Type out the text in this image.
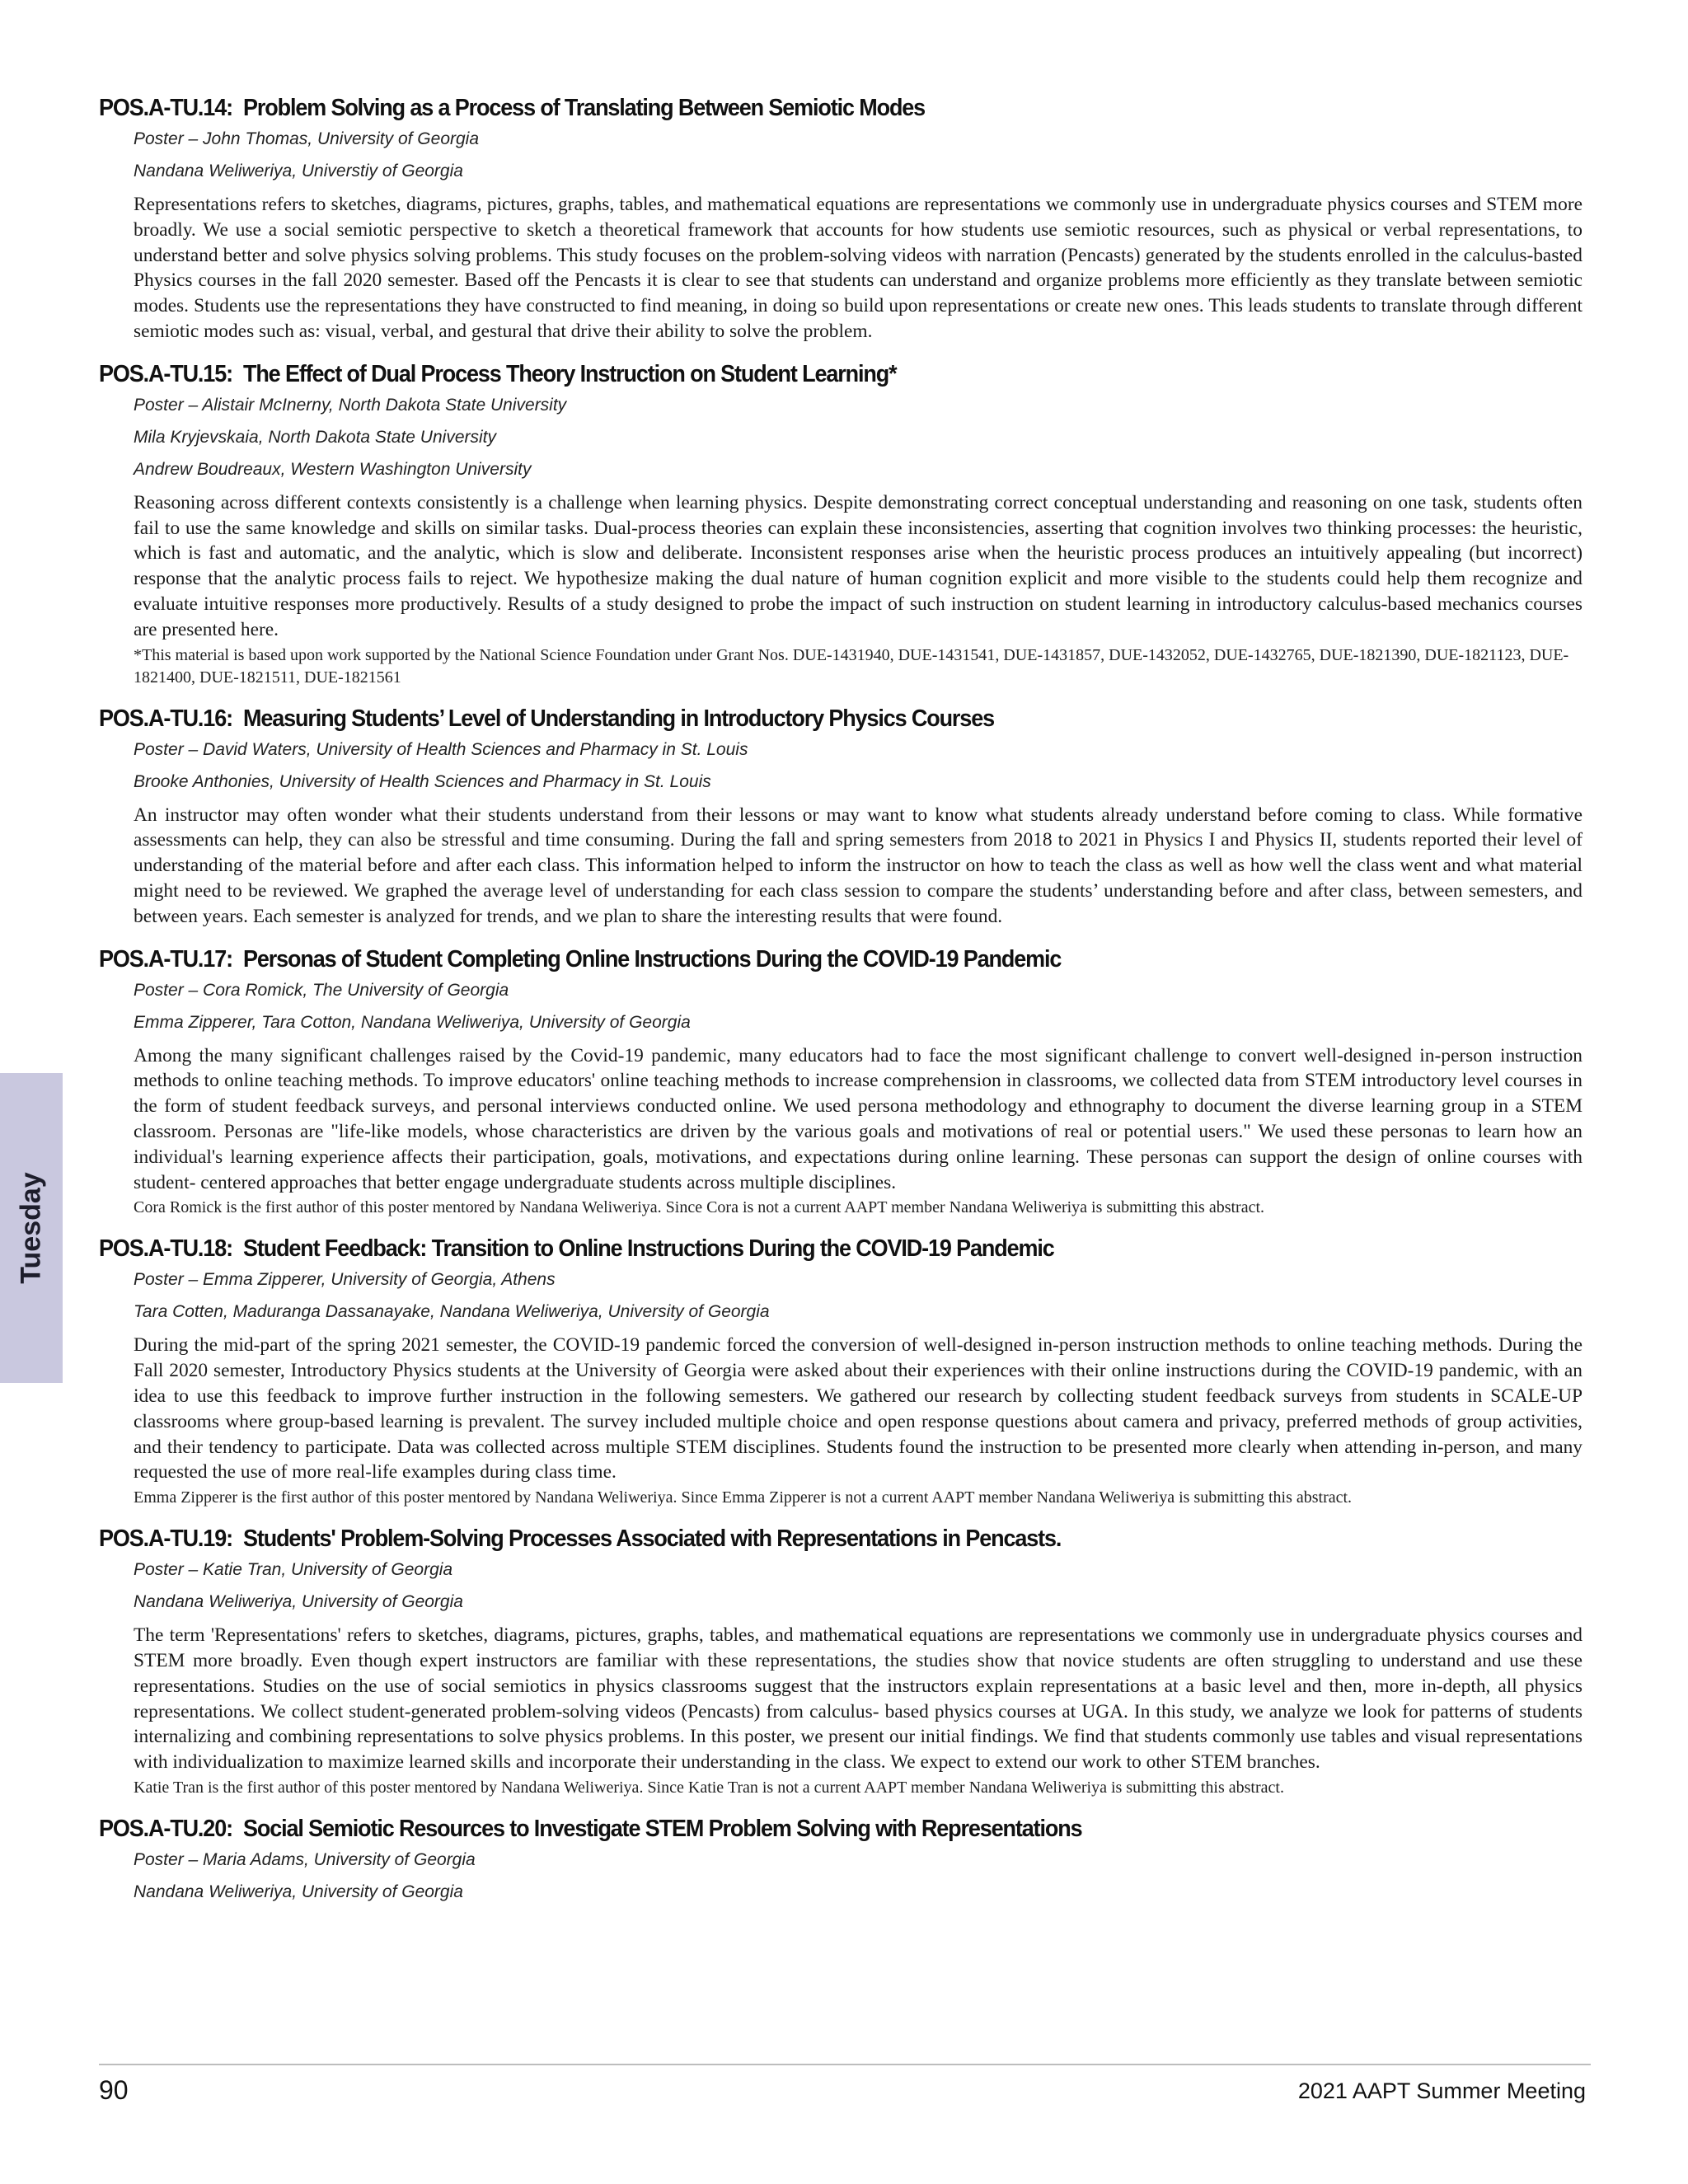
Tuesday
POS.A-TU.14: Problem Solving as a Process of Translating Between Semiotic Modes
Poster – John Thomas, University of Georgia
Nandana Weliweriya, Universtiy of Georgia
Representations refers to sketches, diagrams, pictures, graphs, tables, and mathematical equations are representations we commonly use in undergraduate physics courses and STEM more broadly. We use a social semiotic perspective to sketch a theoretical framework that accounts for how students use semiotic resources, such as physical or verbal representations, to understand better and solve physics solving problems. This study focuses on the problem-solving videos with narration (Pencasts) generated by the students enrolled in the calculus-basted Physics courses in the fall 2020 semester. Based off the Pencasts it is clear to see that students can understand and organize problems more efficiently as they translate between semiotic modes. Students use the representations they have constructed to find meaning, in doing so build upon representations or create new ones. This leads students to translate through different semiotic modes such as: visual, verbal, and gestural that drive their ability to solve the problem.
POS.A-TU.15: The Effect of Dual Process Theory Instruction on Student Learning*
Poster – Alistair McInerny, North Dakota State University
Mila Kryjevskaia, North Dakota State University
Andrew Boudreaux, Western Washington University
Reasoning across different contexts consistently is a challenge when learning physics. Despite demonstrating correct conceptual understanding and reasoning on one task, students often fail to use the same knowledge and skills on similar tasks. Dual-process theories can explain these inconsistencies, asserting that cognition involves two thinking processes: the heuristic, which is fast and automatic, and the analytic, which is slow and deliberate. Inconsistent responses arise when the heuristic process produces an intuitively appealing (but incorrect) response that the analytic process fails to reject. We hypothesize making the dual nature of human cognition explicit and more visible to the students could help them recognize and evaluate intuitive responses more productively. Results of a study designed to probe the impact of such instruction on student learning in introductory calculus-based mechanics courses are presented here.
*This material is based upon work supported by the National Science Foundation under Grant Nos. DUE-1431940, DUE-1431541, DUE-1431857, DUE-1432052, DUE-1432765, DUE-1821390, DUE-1821123, DUE-1821400, DUE-1821511, DUE-1821561
POS.A-TU.16: Measuring Students’ Level of Understanding in Introductory Physics Courses
Poster – David Waters, University of Health Sciences and Pharmacy in St. Louis
Brooke Anthonies, University of Health Sciences and Pharmacy in St. Louis
An instructor may often wonder what their students understand from their lessons or may want to know what students already understand before coming to class. While formative assessments can help, they can also be stressful and time consuming. During the fall and spring semesters from 2018 to 2021 in Physics I and Physics II, students reported their level of understanding of the material before and after each class. This information helped to inform the instructor on how to teach the class as well as how well the class went and what material might need to be reviewed. We graphed the average level of understanding for each class session to compare the students’ understanding before and after class, between semesters, and between years. Each semester is analyzed for trends, and we plan to share the interesting results that were found.
POS.A-TU.17: Personas of Student Completing Online Instructions During the COVID-19 Pandemic
Poster – Cora Romick, The University of Georgia
Emma Zipperer, Tara Cotton, Nandana Weliweriya, University of Georgia
Among the many significant challenges raised by the Covid-19 pandemic, many educators had to face the most significant challenge to convert well-designed in-person instruction methods to online teaching methods. To improve educators' online teaching methods to increase comprehension in classrooms, we collected data from STEM introductory level courses in the form of student feedback surveys, and personal interviews conducted online. We used persona methodology and ethnography to document the diverse learning group in a STEM classroom. Personas are "life-like models, whose characteristics are driven by the various goals and motivations of real or potential users." We used these personas to learn how an individual's learning experience affects their participation, goals, motivations, and expectations during online learning. These personas can support the design of online courses with student- centered approaches that better engage undergraduate students across multiple disciplines.
Cora Romick is the first author of this poster mentored by Nandana Weliweriya. Since Cora is not a current AAPT member Nandana Weliweriya is submitting this abstract.
POS.A-TU.18: Student Feedback: Transition to Online Instructions During the COVID-19 Pandemic
Poster – Emma Zipperer, University of Georgia, Athens
Tara Cotten, Maduranga Dassanayake, Nandana Weliweriya, University of Georgia
During the mid-part of the spring 2021 semester, the COVID-19 pandemic forced the conversion of well-designed in-person instruction methods to online teaching methods. During the Fall 2020 semester, Introductory Physics students at the University of Georgia were asked about their experiences with their online instructions during the COVID-19 pandemic, with an idea to use this feedback to improve further instruction in the following semesters. We gathered our research by collecting student feedback surveys from students in SCALE-UP classrooms where group-based learning is prevalent. The survey included multiple choice and open response questions about camera and privacy, preferred methods of group activities, and their tendency to participate. Data was collected across multiple STEM disciplines. Students found the instruction to be presented more clearly when attending in-person, and many requested the use of more real-life examples during class time.
Emma Zipperer is the first author of this poster mentored by Nandana Weliweriya. Since Emma Zipperer is not a current AAPT member Nandana Weliweriya is submitting this abstract.
POS.A-TU.19: Students' Problem-Solving Processes Associated with Representations in Pencasts.
Poster – Katie Tran, University of Georgia
Nandana Weliweriya, University of Georgia
The term 'Representations' refers to sketches, diagrams, pictures, graphs, tables, and mathematical equations are representations we commonly use in undergraduate physics courses and STEM more broadly. Even though expert instructors are familiar with these representations, the studies show that novice students are often struggling to understand and use these representations. Studies on the use of social semiotics in physics classrooms suggest that the instructors explain representations at a basic level and then, more in-depth, all physics representations. We collect student-generated problem-solving videos (Pencasts) from calculus- based physics courses at UGA. In this study, we analyze we look for patterns of students internalizing and combining representations to solve physics problems. In this poster, we present our initial findings. We find that students commonly use tables and visual representations with individualization to maximize learned skills and incorporate their understanding in the class. We expect to extend our work to other STEM branches.
Katie Tran is the first author of this poster mentored by Nandana Weliweriya. Since Katie Tran is not a current AAPT member Nandana Weliweriya is submitting this abstract.
POS.A-TU.20: Social Semiotic Resources to Investigate STEM Problem Solving with Representations
Poster – Maria Adams, University of Georgia
Nandana Weliweriya, University of Georgia
90	2021 AAPT Summer Meeting
